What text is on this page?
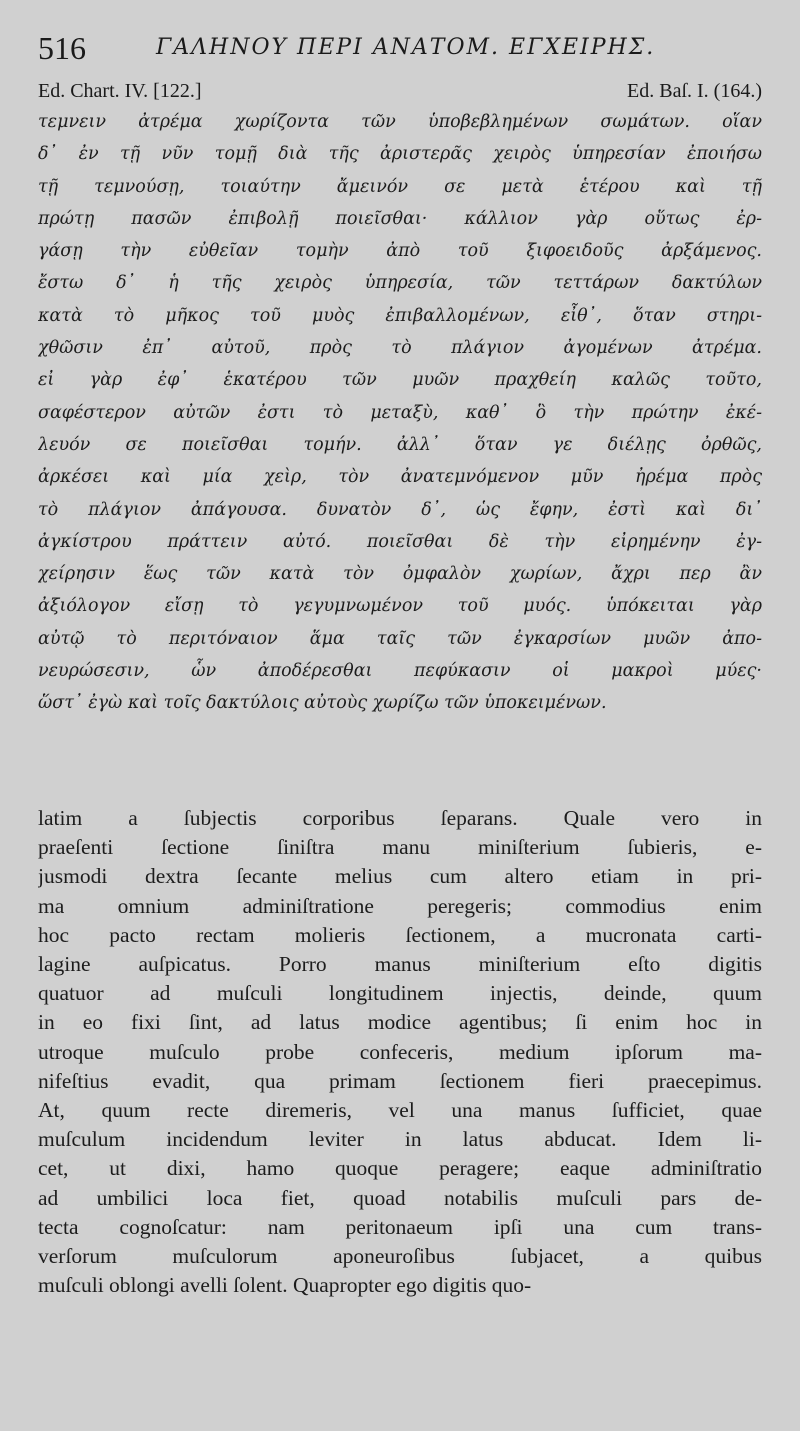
516	ΓΑΛΗΝΟΥ ΠΕΡΙ ΑΝΑΤΟΜ. ΕΓΧΕΙΡΗΣ.
Ed. Chart. IV. [122.]	Ed. Baſ. I. (164.)
τεμνειν ἀτρέμα χωρίζοντα τῶν ὑποβεβλημένων σωμάτων. οἵαν
δ᾽ ἐν τῇ νῦν τομῇ διὰ τῆς ἀριστερᾶς χειρὸς ὑπηρεσίαν ἐποιήσω
τῇ τεμνούσῃ, τοιαύτην ἄμεινόν σε μετὰ ἑτέρου καὶ τῇ
πρώτῃ πασῶν ἐπιβολῇ ποιεῖσθαι· κάλλιον γὰρ οὕτως ἐρ-
γάσῃ τὴν εὐθεῖαν τομὴν ἀπὸ τοῦ ξιφοειδοῦς ἀρξάμενος.
ἔστω δ᾽ ἡ τῆς χειρὸς ὑπηρεσία, τῶν τεττάρων δακτύλων
κατὰ τὸ μῆκος τοῦ μυὸς ἐπιβαλλομένων, εἶθ᾽, ὅταν στηρι-
χθῶσιν ἐπ᾽ αὐτοῦ, πρὸς τὸ πλάγιον ἀγομένων ἀτρέμα.
εἰ γὰρ ἐφ᾽ ἑκατέρου τῶν μυῶν πραχθείη καλῶς τοῦτο,
σαφέστερον αὐτῶν ἐστι τὸ μεταξὺ, καθ᾽ ὃ τὴν πρώτην ἐκέ-
λευόν σε ποιεῖσθαι τομήν. ἀλλ᾽ ὅταν γε διέλῃς ὀρθῶς,
ἀρκέσει καὶ μία χεὶρ, τὸν ἀνατεμνόμενον μῦν ἠρέμα πρὸς
τὸ πλάγιον ἀπάγουσα. δυνατὸν δ᾽, ὡς ἔφην, ἐστὶ καὶ δι᾽
ἀγκίστρου πράττειν αὐτό. ποιεῖσθαι δὲ τὴν εἰρημένην ἐγ-
χείρησιν ἕως τῶν κατὰ τὸν ὀμφαλὸν χωρίων, ἄχρι περ ἂν
ἀξιόλογον εἴσῃ τὸ γεγυμνωμένον τοῦ μυός. ὑπόκειται γὰρ
αὐτῷ τὸ περιτόναιον ἅμα ταῖς τῶν ἐγκαρσίων μυῶν ἀπο-
νευρώσεσιν, ὧν ἀποδέρεσθαι πεφύκασιν οἱ μακροὶ μύες·
ὥστ᾽ ἐγὼ καὶ τοῖς δακτύλοις αὐτοὺς χωρίζω τῶν ὑποκειμένων.
latim a ſubjectis corporibus ſeparans. Quale vero in
praeſenti ſectione ſiniſtra manu miniſterium ſubieris, e-
jusmodi dextra ſecante melius cum altero etiam in pri-
ma omnium adminiſtratione peregeris; commodius enim
hoc pacto rectam molieris ſectionem, a mucronata carti-
lagine auſpicatus. Porro manus miniſterium eſto digitis
quatuor ad muſculi longitudinem injectis, deinde, quum
in eo fixi ſint, ad latus modice agentibus; ſi enim hoc in
utroque muſculo probe confeceris, medium ipſorum ma-
nifeſtius evadit, qua primam ſectionem fieri praecepimus.
At, quum recte diremeris, vel una manus ſufficiet, quae
muſculum incidendum leviter in latus abducat. Idem li-
cet, ut dixi, hamo quoque peragere; eaque adminiſtratio
ad umbilici loca fiet, quoad notabilis muſculi pars de-
tecta cognoſcatur: nam peritonaeum ipſi una cum trans-
verſorum muſculorum aponeuroſibus ſubjacet, a quibus
muſculi oblongi avelli ſolent. Quapropter ego digitis quo-
